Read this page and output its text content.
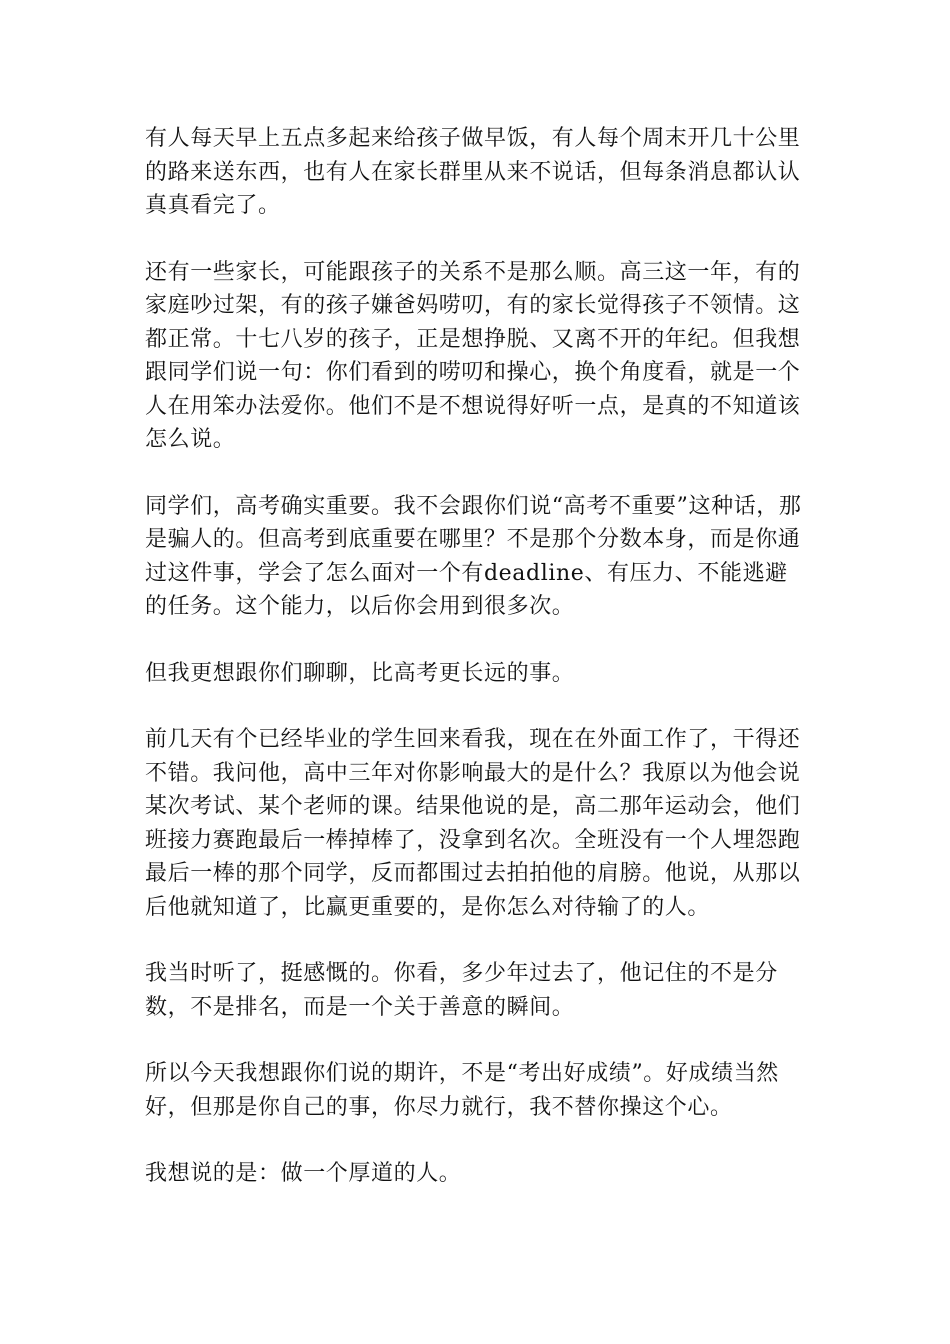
有人每天早上五点多起来给孩子做早饭，有人每个周末开几十公里的路来送东西，也有人在家长群里从来不说话，但每条消息都认认真真看完了。

还有一些家长，可能跟孩子的关系不是那么顺。高三这一年，有的家庭吵过架，有的孩子嫌爸妈唠叨，有的家长觉得孩子不领情。这都正常。十七八岁的孩子，正是想挣脱、又离不开的年纪。但我想跟同学们说一句：你们看到的唠叨和操心，换个角度看，就是一个人在用笨办法爱你。他们不是不想说得好听一点，是真的不知道该怎么说。

同学们，高考确实重要。我不会跟你们说“高考不重要”这种话，那是骗人的。但高考到底重要在哪里？不是那个分数本身，而是你通过这件事，学会了怎么面对一个有deadline、有压力、不能逃避的任务。这个能力，以后你会用到很多次。

但我更想跟你们聊聊，比高考更长远的事。

前几天有个已经毕业的学生回来看我，现在在外面工作了，干得还不错。我问他，高中三年对你影响最大的是什么？我原以为他会说某次考试、某个老师的课。结果他说的是，高二那年运动会，他们班接力赛跑最后一棒掉棒了，没拿到名次。全班没有一个人埋怨跑最后一棒的那个同学，反而都围过去拍拍他的肩膀。他说，从那以后他就知道了，比赢更重要的，是你怎么对待输了的人。

我当时听了，挺感慨的。你看，多少年过去了，他记住的不是分数，不是排名，而是一个关于善意的瞬间。

所以今天我想跟你们说的期许，不是“考出好成绩”。好成绩当然好，但那是你自己的事，你尽力就行，我不替你操这个心。

我想说的是：做一个厚道的人。
